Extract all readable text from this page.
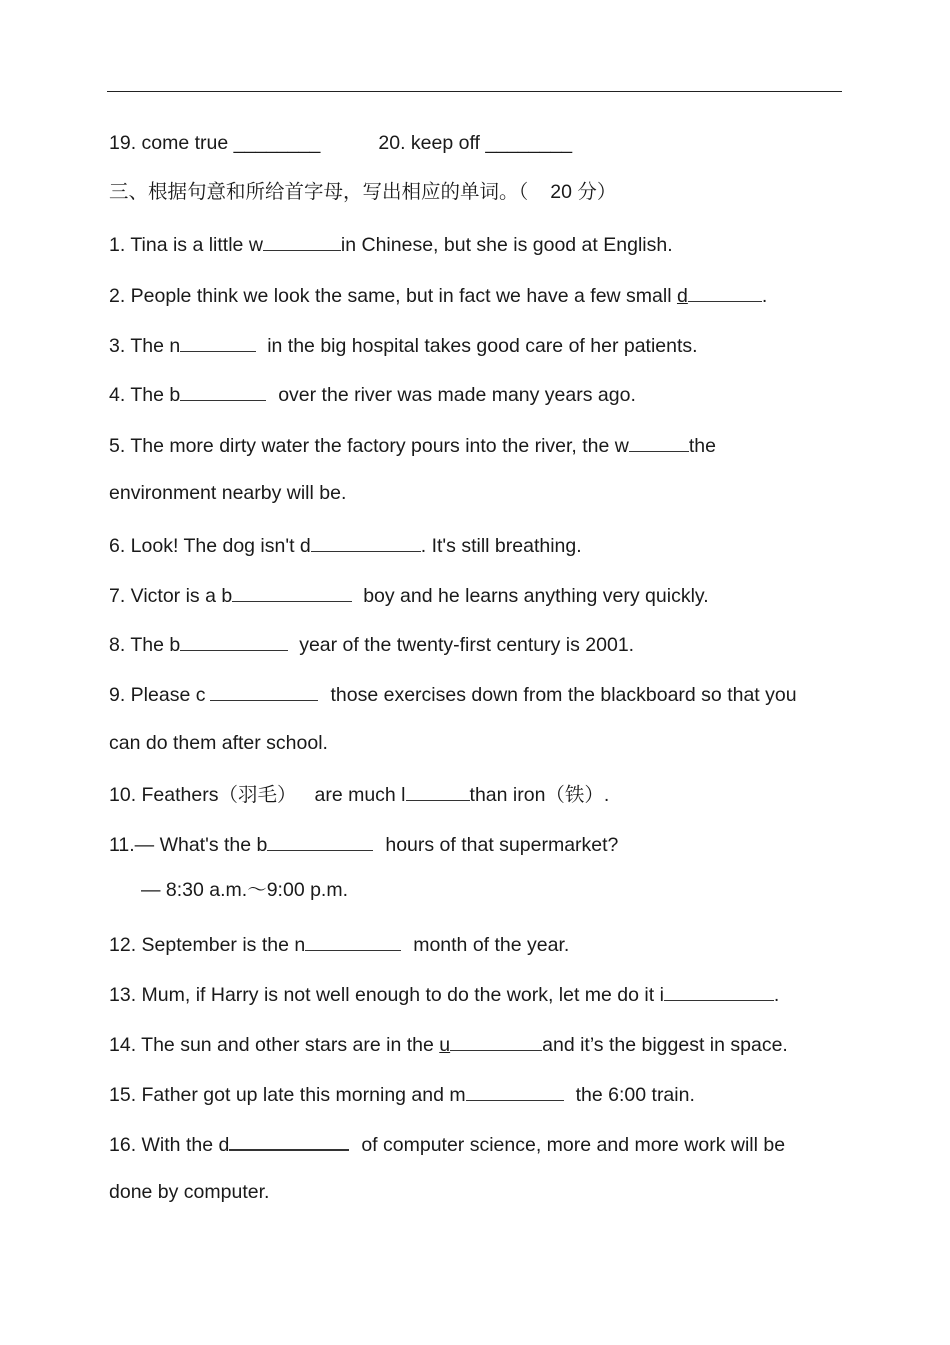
19. come true ________	20. keep off ________
三、根据句意和所给首字母，写出相应的单词。（ 20 分）
1. Tina is a little w	in Chinese, but she is good at English.
2. People think we look the same, but in fact we have a few small d	.
3. The n	in the big hospital takes good care of her patients.
4. The b	over the river was made many years ago.
5. The more dirty water the factory pours into the river, the w	the
environment nearby will be.
6. Look! The dog isn't d	. It's still breathing.
7. Victor is a b	boy and he learns anything very quickly.
8. The b	year of the twenty-first century is 2001.
9. Please c	those exercises down from the blackboard so that you
can do them after school.
10. Feathers（羽毛） are much l	than iron（铁）.
11.— What's the b	hours of that supermarket?
— 8:30 a.m.～9:00 p.m.
12. September is the n	month of the year.
13. Mum, if Harry is not well enough to do the work, let me do it i	.
14. The sun and other stars are in the u	and it’s the biggest in space.
15. Father got up late this morning and m	the 6:00 train.
16. With the d	of computer science, more and more work will be
done by computer.
